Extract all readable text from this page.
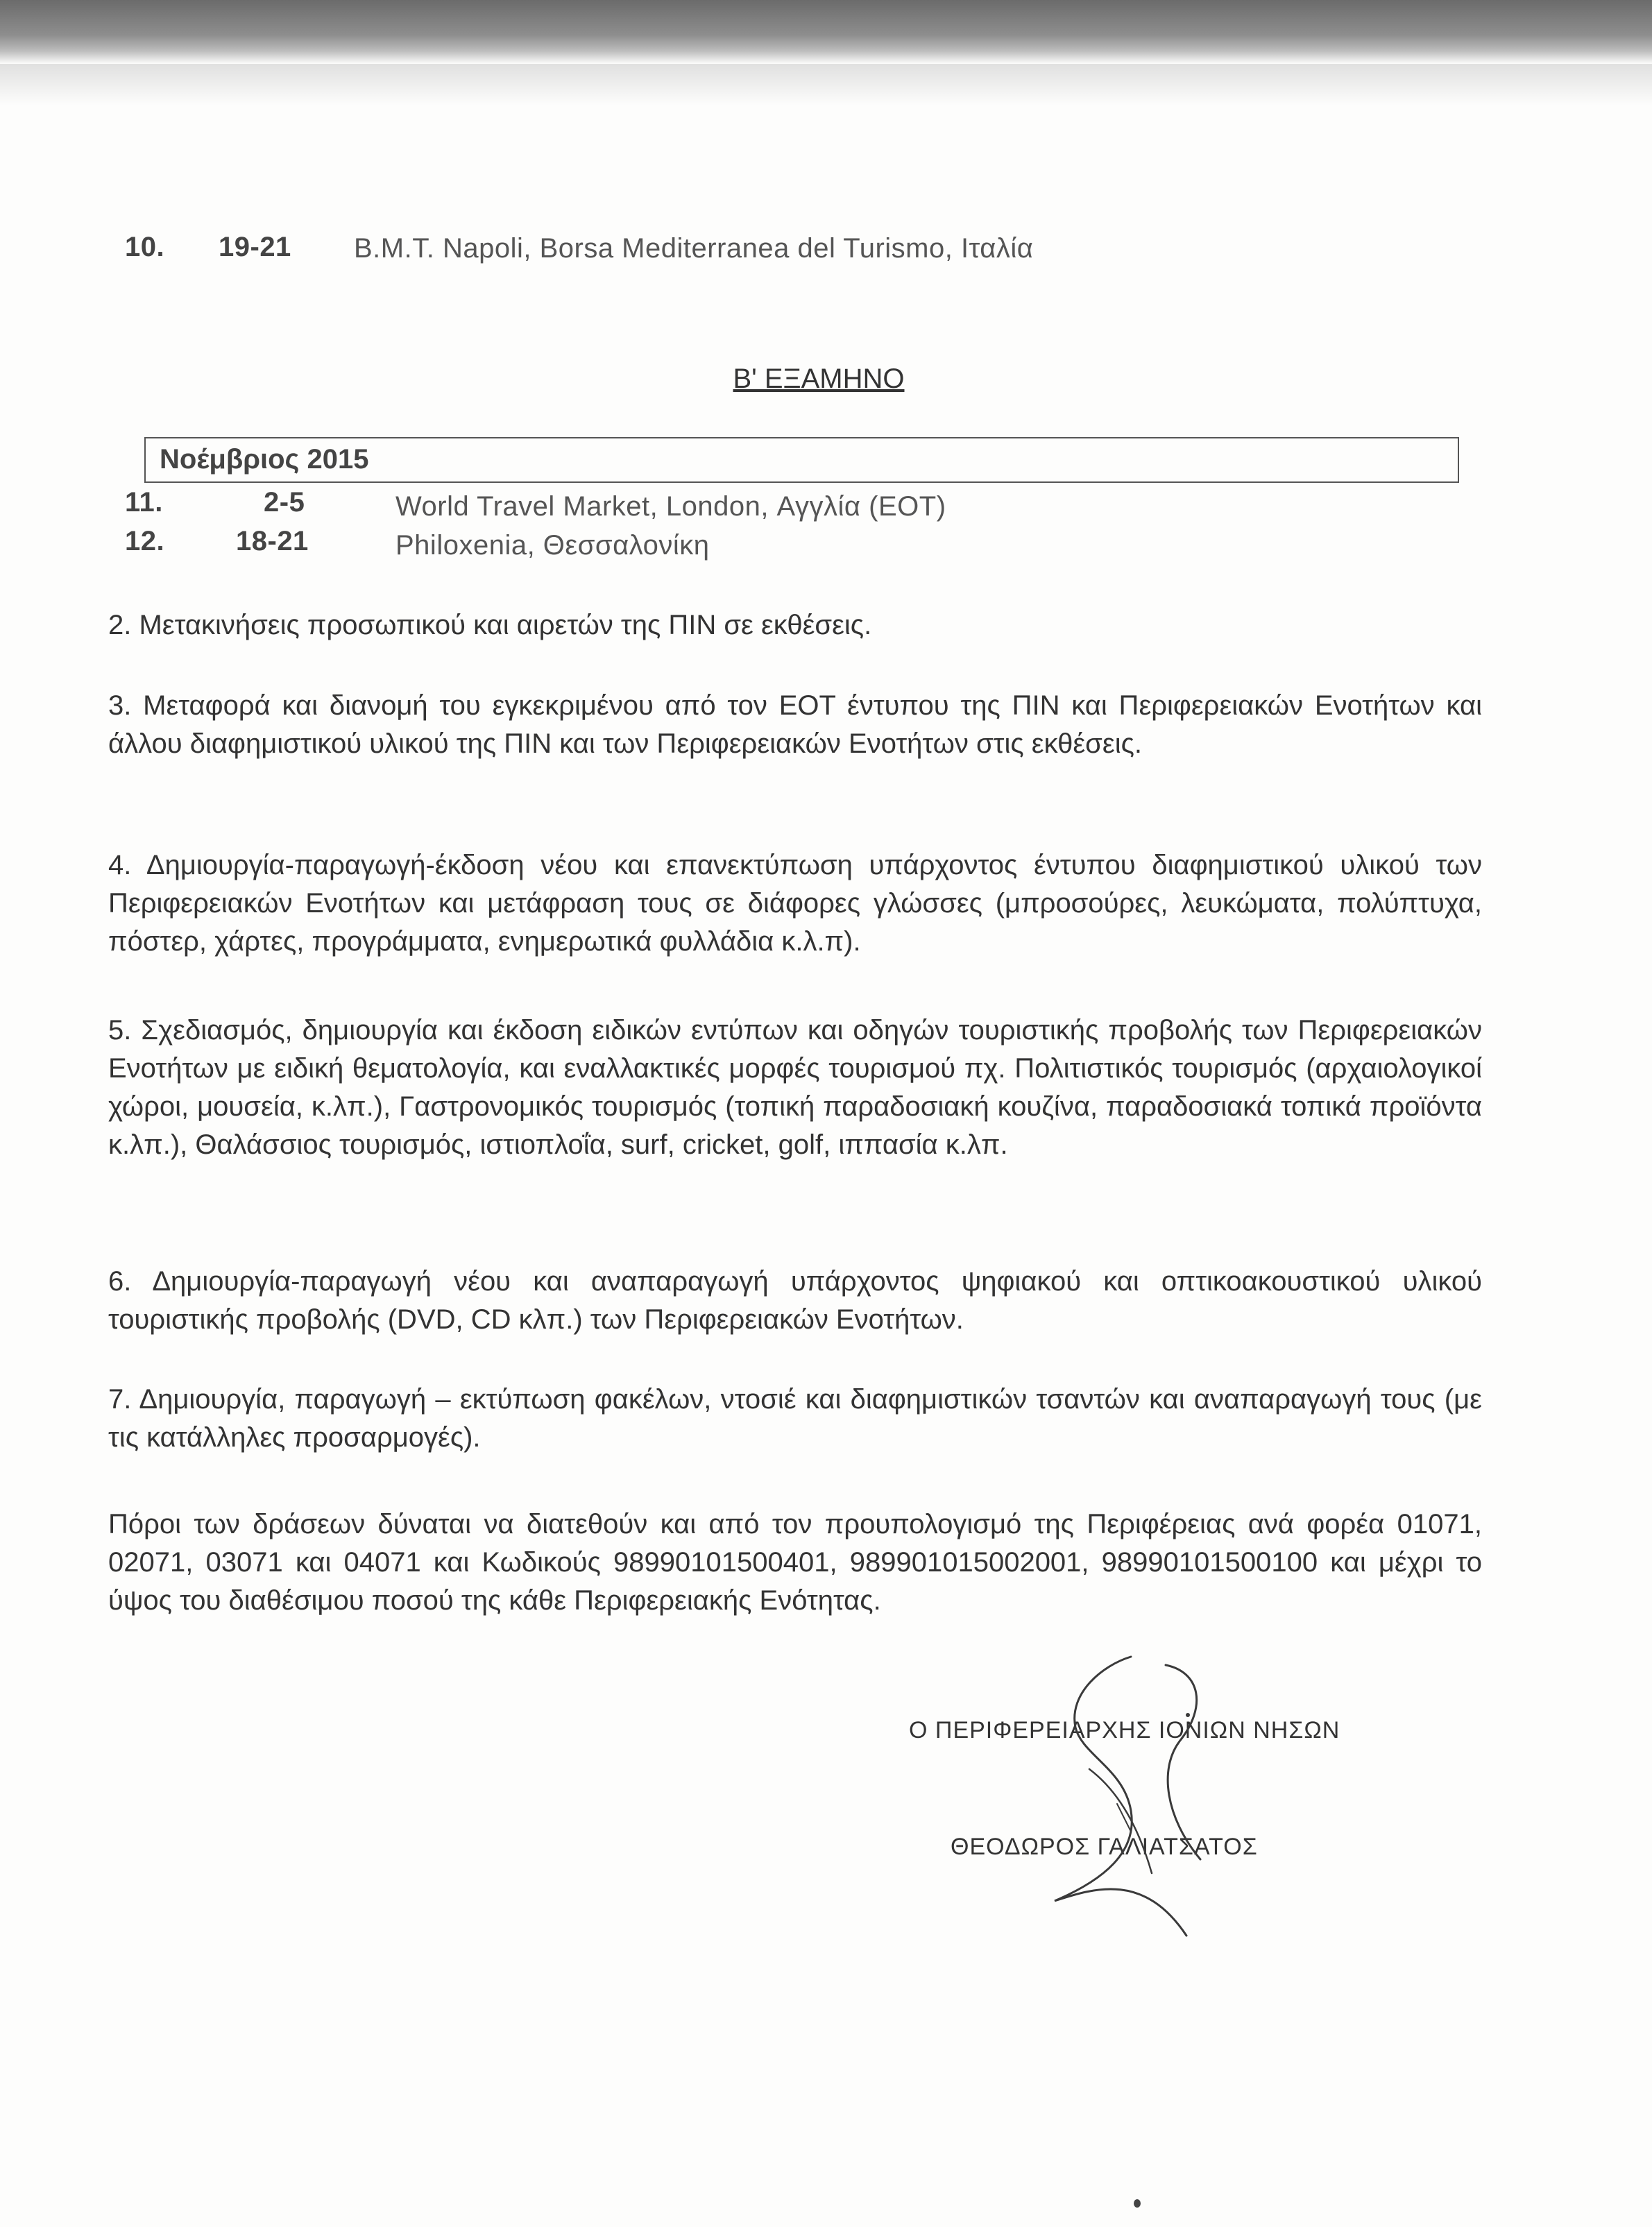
10. 19-21 B.M.T. Napoli, Borsa Mediterranea del Turismo, Ιταλία
Β' ΕΞΑΜΗΝΟ
Νοέμβριος 2015
11.	2-5	World Travel Market, London, Αγγλία (ΕΟΤ)
12.	18-21	Philoxenia, Θεσσαλονίκη
2. Μετακινήσεις προσωπικού και αιρετών της ΠΙΝ σε εκθέσεις.
3. Μεταφορά και διανομή του εγκεκριμένου από τον ΕΟΤ έντυπου της ΠΙΝ και Περιφερειακών Ενοτήτων και άλλου διαφημιστικού υλικού της ΠΙΝ και των Περιφερειακών Ενοτήτων στις εκθέσεις.
4. Δημιουργία-παραγωγή-έκδοση νέου και επανεκτύπωση υπάρχοντος έντυπου διαφημιστικού υλικού των Περιφερειακών Ενοτήτων και μετάφραση τους σε διάφορες γλώσσες (μπροσούρες, λευκώματα, πολύπτυχα, πόστερ, χάρτες, προγράμματα, ενημερωτικά φυλλάδια κ.λ.π).
5. Σχεδιασμός, δημιουργία και έκδοση ειδικών εντύπων και οδηγών τουριστικής προβολής των Περιφερειακών Ενοτήτων με ειδική θεματολογία, και εναλλακτικές μορφές τουρισμού πχ. Πολιτιστικός τουρισμός (αρχαιολογικοί χώροι, μουσεία, κ.λπ.), Γαστρονομικός τουρισμός (τοπική παραδοσιακή κουζίνα, παραδοσιακά τοπικά προϊόντα κ.λπ.), Θαλάσσιος τουρισμός, ιστιοπλοΐα, surf, cricket, golf, ιππασία κ.λπ.
6. Δημιουργία-παραγωγή νέου και αναπαραγωγή υπάρχοντος ψηφιακού και οπτικοακουστικού υλικού τουριστικής προβολής (DVD, CD κλπ.) των Περιφερειακών Ενοτήτων.
7. Δημιουργία, παραγωγή – εκτύπωση φακέλων, ντοσιέ και διαφημιστικών τσαντών και αναπαραγωγή τους (με τις κατάλληλες προσαρμογές).
Πόροι των δράσεων δύναται να διατεθούν και από τον προυπολογισμό της Περιφέρειας ανά φορέα 01071, 02071, 03071 και 04071 και Κωδικούς 98990101500401, 989901015002001, 98990101500100 και μέχρι το ύψος του διαθέσιμου ποσού της κάθε Περιφερειακής Ενότητας.
Ο ΠΕΡΙΦΕΡΕΙΑΡΧΗΣ ΙΟΝΙΩΝ ΝΗΣΩΝ
ΘΕΟΔΩΡΟΣ ΓΑΛΙΑΤΣΑΤΟΣ
